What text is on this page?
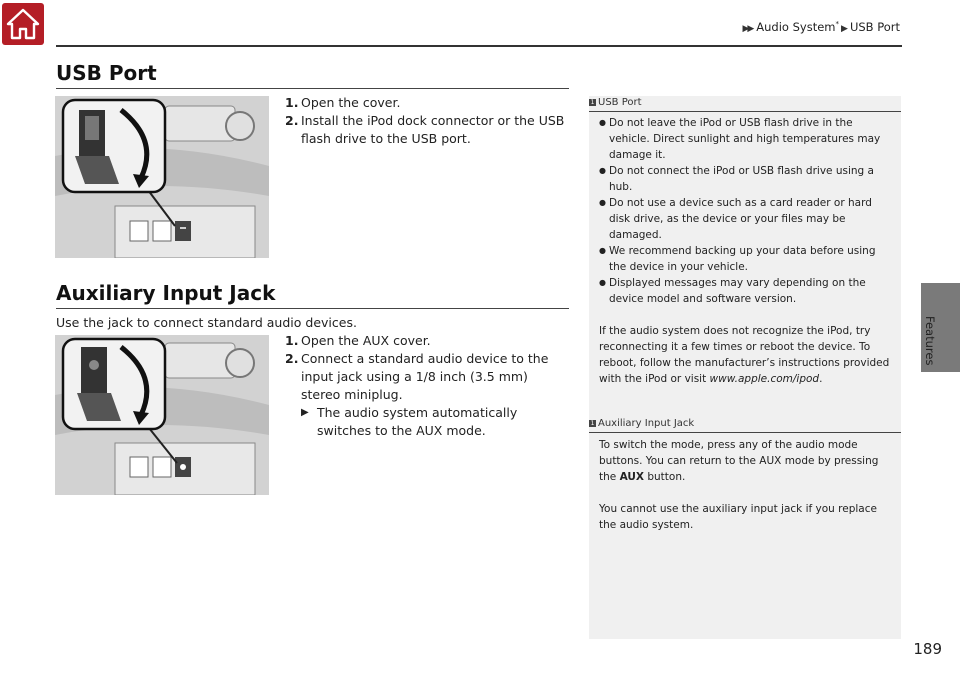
▶▶ Audio System* ▶ USB Port
Features
USB Port
1. Open the cover.
2. Install the iPod dock connector or the USB flash drive to the USB port.
Auxiliary Input Jack
Use the jack to connect standard audio devices.
1. Open the AUX cover.
2. Connect a standard audio device to the input jack using a 1/8 inch (3.5 mm) stereo miniplug.
▶ The audio system automatically switches to the AUX mode.
1 USB Port
● Do not leave the iPod or USB flash drive in the vehicle. Direct sunlight and high temperatures may damage it.
● Do not connect the iPod or USB flash drive using a hub.
● Do not use a device such as a card reader or hard disk drive, as the device or your files may be damaged.
● We recommend backing up your data before using the device in your vehicle.
● Displayed messages may vary depending on the device model and software version.

If the audio system does not recognize the iPod, try reconnecting it a few times or reboot the device. To reboot, follow the manufacturer’s instructions provided with the iPod or visit www.apple.com/ipod.

1 Auxiliary Input Jack

To switch the mode, press any of the audio mode buttons. You can return to the AUX mode by pressing the AUX button.

You cannot use the auxiliary input jack if you replace the audio system.

189
